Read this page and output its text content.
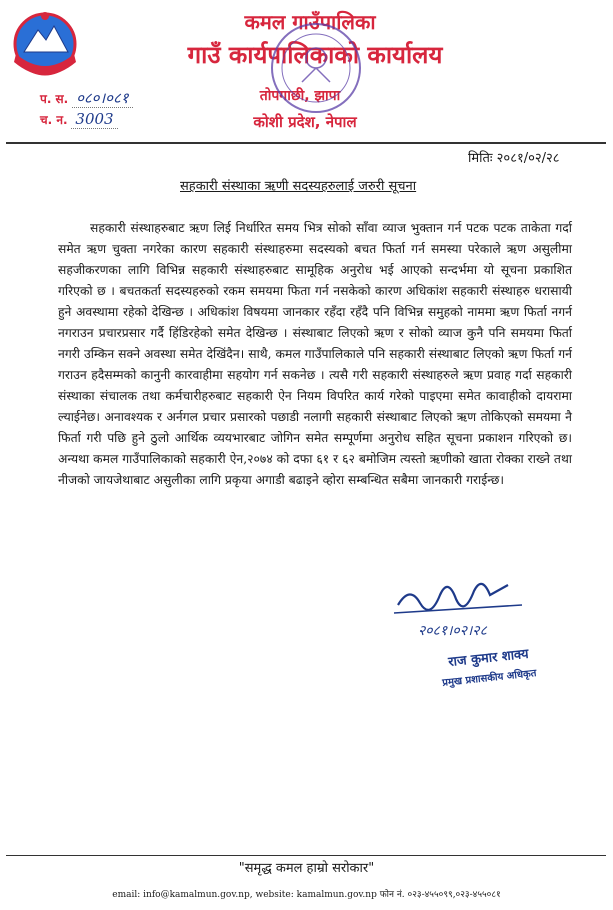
कमल गाउँपालिका
गाउँ कार्यपालिकाको कार्यालय
तोपगाछी, झापा
कोशी प्रदेश, नेपाल
प. स. ०८०।०८१
च. न. 3003
मितिः २०८१/०२/२८
सहकारी संस्थाका ऋणी सदस्यहरुलाई जरुरी सूचना

सहकारी संस्थाहरुबाट ऋण लिई निर्धारित समय भित्र सोको साँवा व्याज भुक्तान गर्न पटक पटक ताकेता गर्दा समेत ऋण चुक्ता नगरेका कारण सहकारी संस्थाहरुमा सदस्यको बचत फिर्ता गर्न समस्या परेकाले ऋण असुलीमा सहजीकरणका लागि विभिन्न सहकारी संस्थाहरुबाट सामूहिक अनुरोध भई आएको सन्दर्भमा यो सूचना प्रकाशित गरिएको छ । बचतकर्ता सदस्यहरुको रकम समयमा फिता गर्न नसकेको कारण अधिकांश सहकारी संस्थाहरु धरासायी हुने अवस्थामा रहेको देखिन्छ । अधिकांश विषयमा जानकार रहँदा रहँदै पनि विभिन्न समुहको नाममा ऋण फिर्ता नगर्न नगराउन प्रचारप्रसार गर्दै हिंडिरहेको समेत देखिन्छ । संस्थाबाट लिएको ऋण र सोको व्याज कुनै पनि समयमा फिर्ता नगरी उम्किन सक्ने अवस्था समेत देखिंदैन। साथै, कमल गाउँपालिकाले पनि सहकारी संस्थाबाट लिएको ऋण फिर्ता गर्न गराउन हदैसम्मको कानुनी कारवाहीमा सहयोग गर्न सकनेछ । त्यसै गरी सहकारी संस्थाहरुले ऋण प्रवाह गर्दा सहकारी संस्थाका संचालक तथा कर्मचारीहरुबाट सहकारी ऐन नियम विपरित कार्य गरेको पाइएमा समेत कावाहीको दायरामा ल्याईनेछ। अनावश्यक र अर्नगल प्रचार प्रसारको पछाडी नलागी सहकारी संस्थाबाट लिएको ऋण तोकिएको समयमा नै फिर्ता गरी पछि हुने ठुलो आर्थिक व्ययभारबाट जोगिन समेत सम्पूर्णमा अनुरोध सहित सूचना प्रकाशन गरिएको छ। अन्यथा कमल गाउँपालिकाको सहकारी ऐन,२०७४ को दफा ६१ र ६२ बमोजिम त्यस्तो ऋणीको खाता रोक्का राख्ने तथा नीजको जायजेथाबाट असुलीका लागि प्रकृया अगाडी बढाइने व्होरा सम्बन्धित सबैमा जानकारी गराईन्छ।

२०८१।०२।२८
राज कुमार शाक्य
प्रमुख प्रशासकीय अधिकृत
"समृद्ध कमल हाम्रो सरोकार"
email: info@kamalmun.gov.np, website: kamalmun.gov.np फोन नं. ०२३-४५५०९९,०२३-४५५०८१
